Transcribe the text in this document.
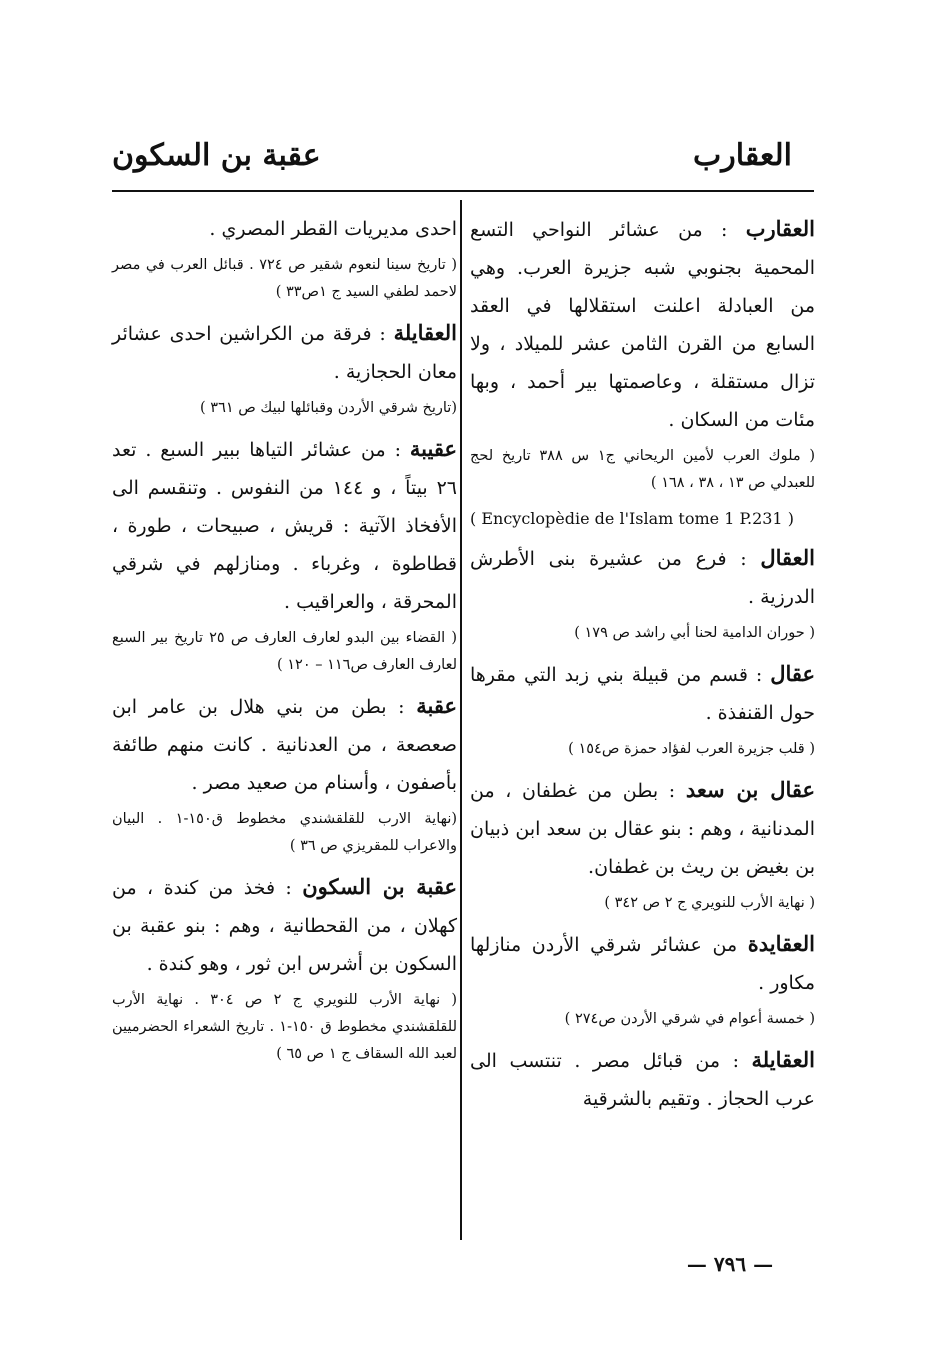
العقارب
عقبة بن السكون
العقارب : من عشائر النواحي التسع المحمية بجنوبي شبه جزيرة العرب. وهي من العبادلة اعلنت استقلالها في العقد السابع من القرن الثامن عشر للميلاد ، ولا تزال مستقلة ، وعاصمتها بير أحمد ، وبها مئات من السكان .
( ملوك العرب لأمين الريحاني ج١ س ٣٨٨ تاريخ لحج للعبدلي ص ١٣ ، ٣٨ ، ١٦٨ )
( Encyclopèdie de l'Islam tome 1 P.231 )
العقال : فرع من عشيرة بنى الأطرش الدرزية .
( حوران الدامية لحنا أبي راشد ص ١٧٩ )
عقال : قسم من قبيلة بني زبد التي مقرها حول القنفذة .
( قلب جزيرة العرب لفؤاد حمزة ص١٥٤ )
عقال بن سعد : بطن من غطفان ، من المدنانية ، وهم : بنو عقال بن سعد ابن ذبيان بن بغيض بن ريث بن غطفان.
( نهاية الأرب للنويري ج ٢ ص ٣٤٢ )
العقايدة من عشائر شرقي الأردن منازلها مكاور .
( خمسة أعوام في شرقي الأردن ص٢٧٤ )
العقايلة : من قبائل مصر . تنتسب الى عرب الحجاز . وتقيم بالشرقية
احدى مديريات القطر المصري .
( تاريخ سينا لنعوم شقير ص ٧٢٤ . قبائل العرب في مصر لاحمد لطفي السيد ج ١ص٣٣ )
العقايلة : فرقة من الكراشين احدى عشائر معان الحجازية .
(تاريخ شرقي الأردن وقبائلها لبيك ص ٣٦١ )
عقيبة : من عشائر التياها ببير السبع . تعد ٢٦ بيتاً ، و ١٤٤ من النفوس . وتنقسم الى الأفخاذ الآتية : قريش ، صبيحات ، طورة ، قطاطوة ، وغرباء . ومنازلهم في شرقي المحرقة ، والعراقيب .
( القضاء بين البدو لعارف العارف ص ٢٥ تاريخ بير السبع لعارف العارف ص١١٦ – ١٢٠ )
عقبة : بطن من بني هلال بن عامر ابن صعصعة ، من العدنانية . كانت منهم طائفة بأصفون ، وأسنام من صعيد مصر .
(نهاية الارب للقلقشندي مخطوط ق١٥٠-١ . البيان والاعراب للمقريزي ص ٣٦ )
عقبة بن السكون : فخذ من كندة ، من كهلان ، من القحطانية ، وهم : بنو عقبة بن السكون بن أشرس ابن ثور ، وهو كندة .
( نهاية الأرب للنويري ج ٢ ص ٣٠٤ . نهاية الأرب للقلقشندي مخطوط ق ١٥٠-١ . تاريخ الشعراء الحضرميين لعبد الله السقاف ج ١ ص ٦٥ )
— ٧٩٦ —
